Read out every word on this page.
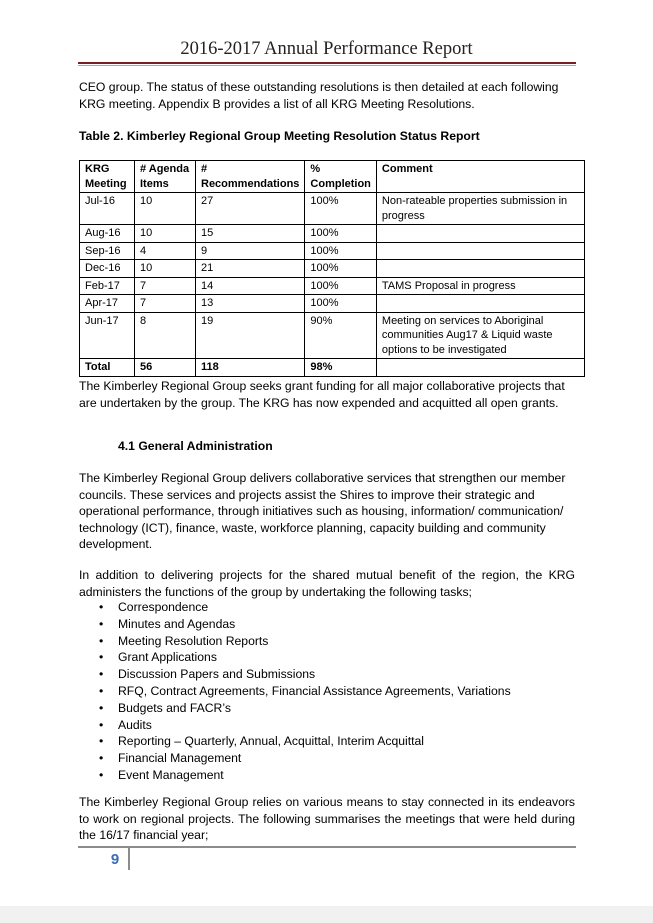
2016-2017 Annual Performance Report

CEO group. The status of these outstanding resolutions is then detailed at each following KRG meeting. Appendix B provides a list of all KRG Meeting Resolutions.

Table 2. Kimberley Regional Group Meeting Resolution Status Report
KRG Meeting	# Agenda Items	# Recommendations	% Completion	Comment
Jul-16	10	27	100%	Non-rateable properties submission in progress
Aug-16	10	15	100%	
Sep-16	4	9	100%	
Dec-16	10	21	100%	
Feb-17	7	14	100%	TAMS Proposal in progress
Apr-17	7	13	100%	
Jun-17	8	19	90%	Meeting on services to Aboriginal communities Aug17 & Liquid waste options to be investigated
Total	56	118	98%	

The Kimberley Regional Group seeks grant funding for all major collaborative projects that are undertaken by the group. The KRG has now expended and acquitted all open grants.

4.1 General Administration

The Kimberley Regional Group delivers collaborative services that strengthen our member councils. These services and projects assist the Shires to improve their strategic and operational performance, through initiatives such as housing, information/ communication/ technology (ICT), finance, waste, workforce planning, capacity building and community development.

In addition to delivering projects for the shared mutual benefit of the region, the KRG administers the functions of the group by undertaking the following tasks;

• Correspondence
• Minutes and Agendas
• Meeting Resolution Reports
• Grant Applications
• Discussion Papers and Submissions
• RFQ, Contract Agreements, Financial Assistance Agreements, Variations
• Budgets and FACR’s
• Audits
• Reporting – Quarterly, Annual, Acquittal, Interim Acquittal
• Financial Management
• Event Management

The Kimberley Regional Group relies on various means to stay connected in its endeavors to work on regional projects. The following summarises the meetings that were held during the 16/17 financial year;

9
